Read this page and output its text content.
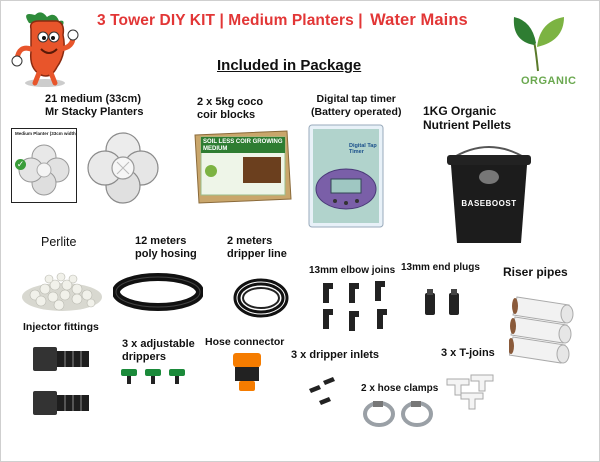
3 Tower DIY KIT | Medium Planters | Water Mains
ORGANIC
Included in Package
21 medium (33cm)
Mr Stacky Planters
Medium Planter (33cm width)
✓
2 x 5kg coco
coir blocks
SOIL LESS COIR GROWING MEDIUM
Digital tap timer
(Battery operated)
Digital Tap Timer
1KG Organic
Nutrient Pellets
BASEBOOST
Perlite	12 meters
poly hosing
2 meters
dripper line
13mm elbow joins 13mm end plugs Riser pipes
Injector fittings
3 x adjustable
drippers
Hose connector
3 x dripper inlets
2 x hose clamps
3 x T-joins
